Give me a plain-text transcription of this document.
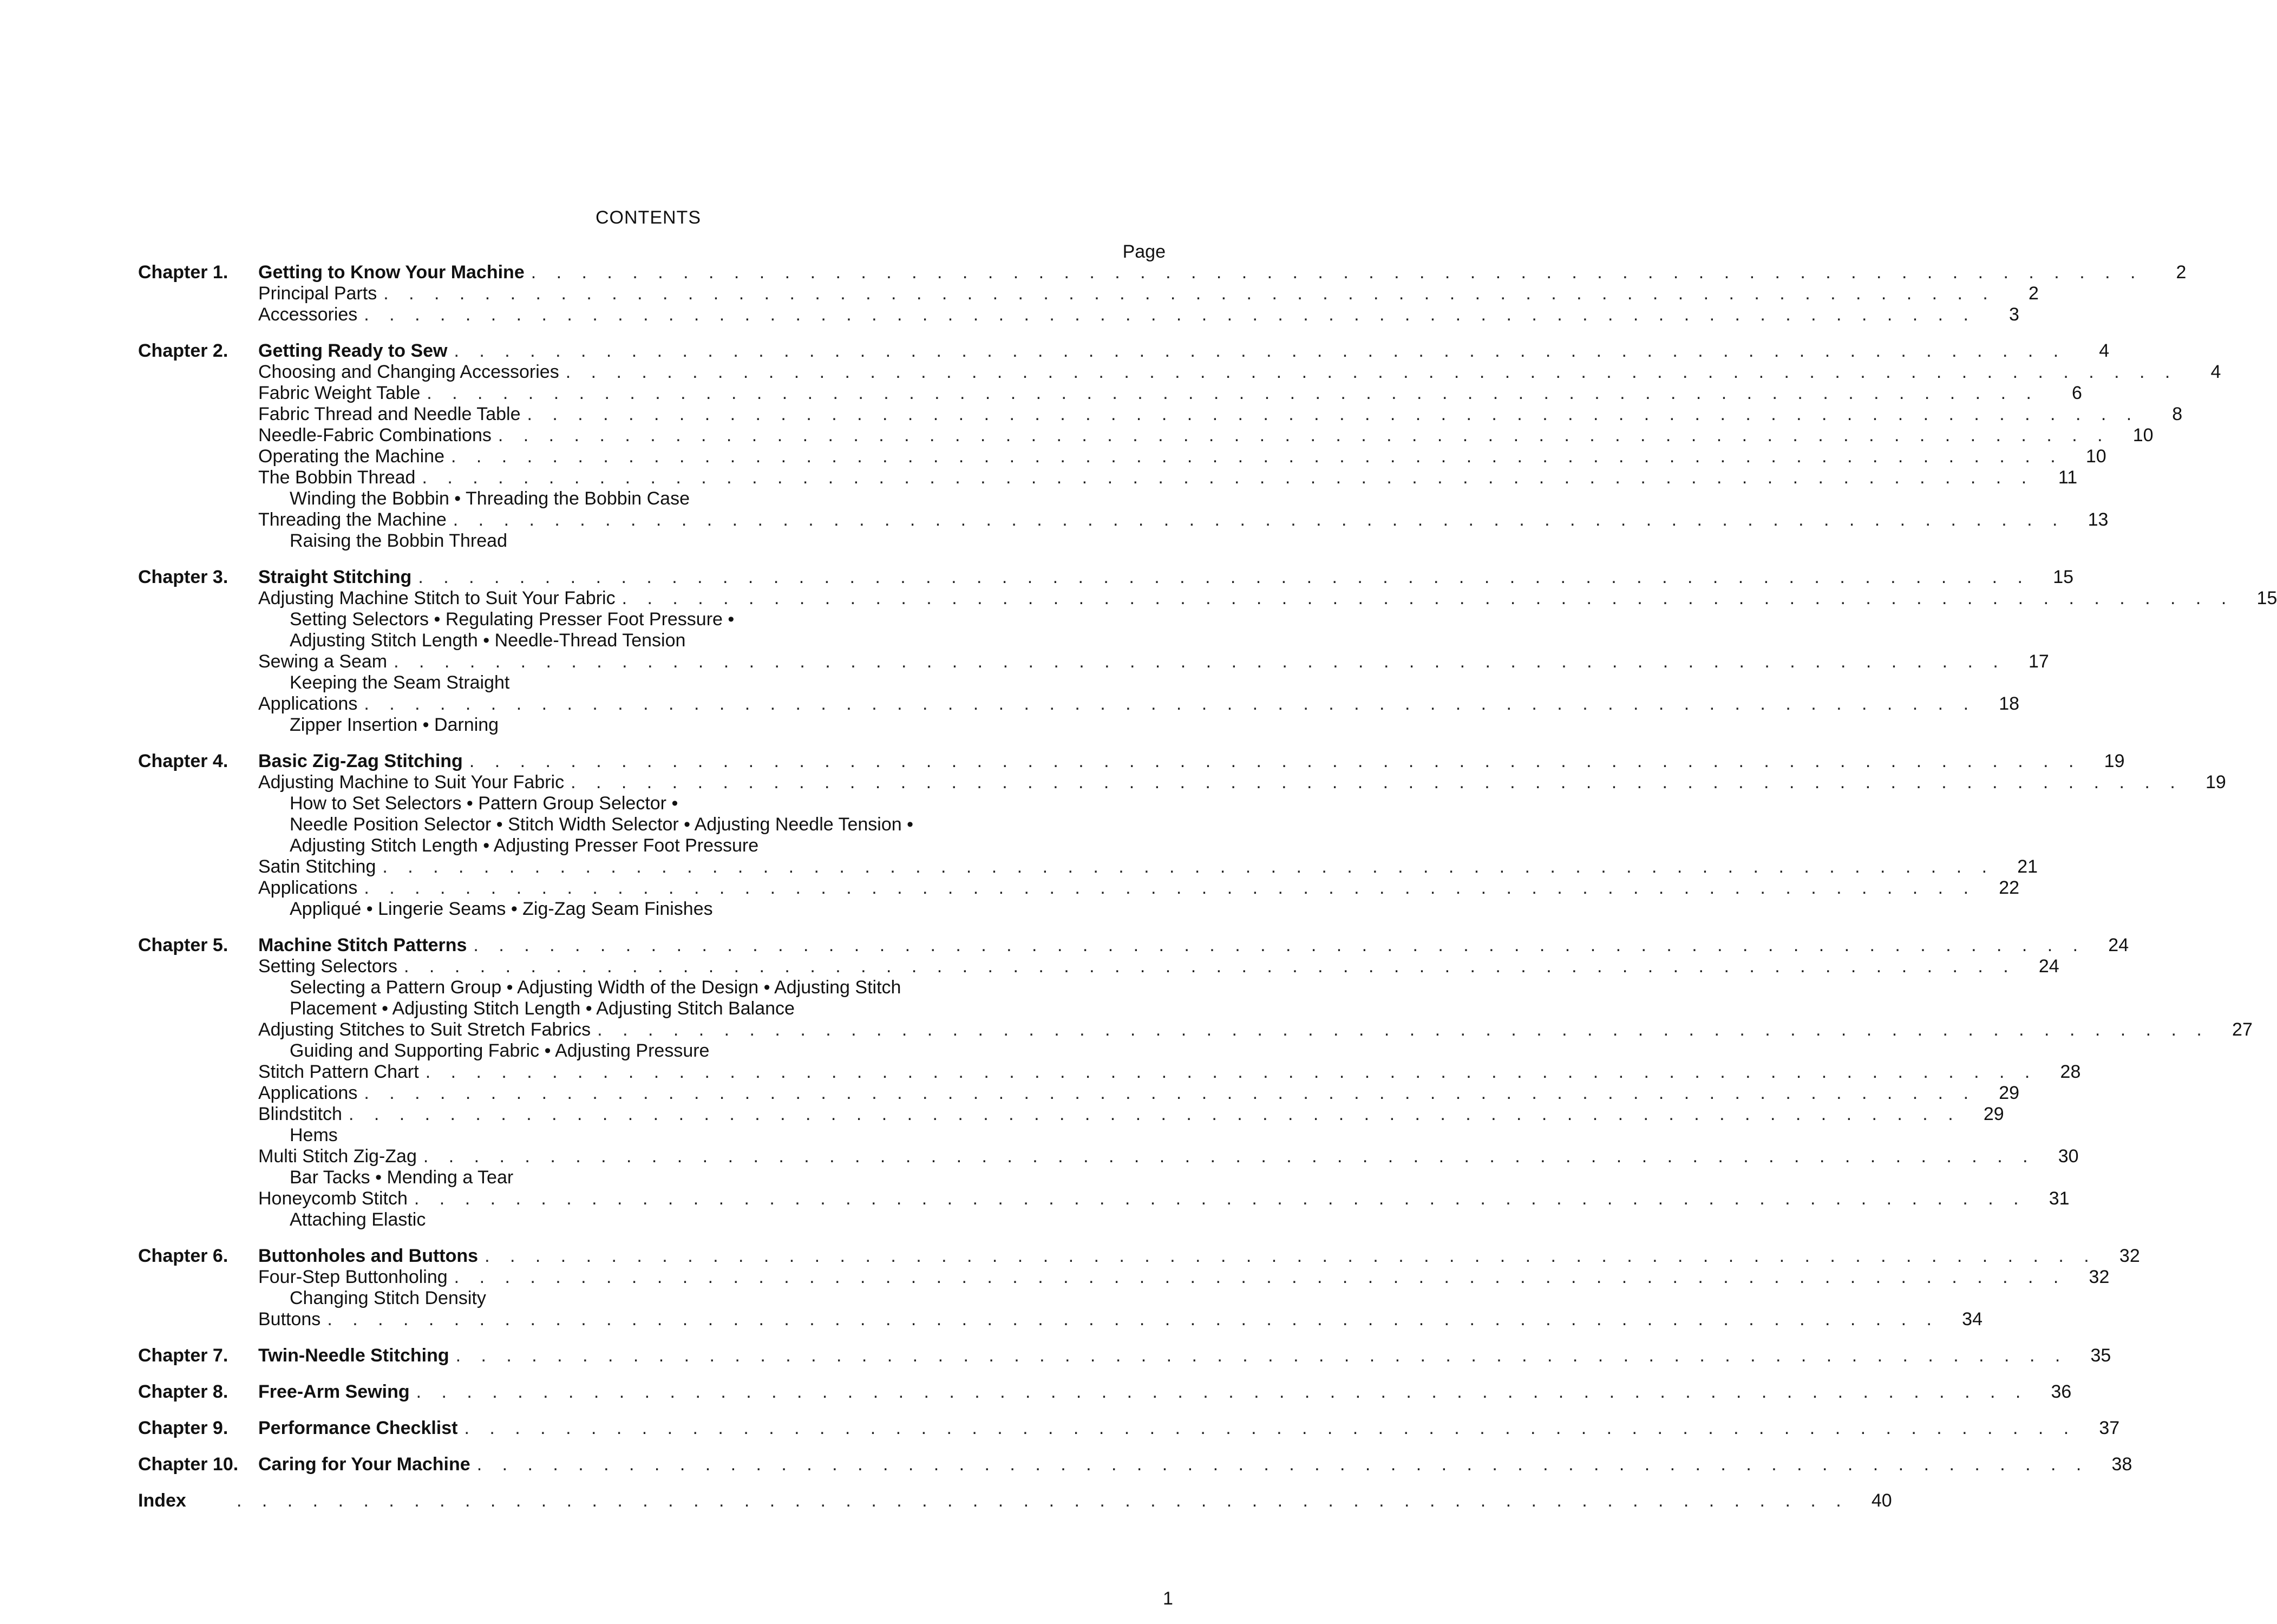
CONTENTS
Page
Chapter 1.	Getting to Know Your Machine . . . . . . . . . . . . . . . . . . . . . . . . . . . . . . . . . . . . . . . . . . . . . . . . . . . . . . . . . . . . . . . .	2
Principal Parts . . . . . . . . . . . . . . . . . . . . . . . . . . . . . . . . . . . . . . . . . . . . . . . . . . . . . . . . . . . . . . . .	2
Accessories . . . . . . . . . . . . . . . . . . . . . . . . . . . . . . . . . . . . . . . . . . . . . . . . . . . . . . . . . . . . . . . .	3
Chapter 2.	Getting Ready to Sew . . . . . . . . . . . . . . . . . . . . . . . . . . . . . . . . . . . . . . . . . . . . . . . . . . . . . . . . . . . . . . . .	4
Choosing and Changing Accessories . . . . . . . . . . . . . . . . . . . . . . . . . . . . . . . . . . . . . . . . . . . . . . . . . . . . . . . . . . . . . . . .	4
Fabric Weight Table . . . . . . . . . . . . . . . . . . . . . . . . . . . . . . . . . . . . . . . . . . . . . . . . . . . . . . . . . . . . . . . .	6
Fabric Thread and Needle Table . . . . . . . . . . . . . . . . . . . . . . . . . . . . . . . . . . . . . . . . . . . . . . . . . . . . . . . . . . . . . . . .	8
Needle-Fabric Combinations . . . . . . . . . . . . . . . . . . . . . . . . . . . . . . . . . . . . . . . . . . . . . . . . . . . . . . . . . . . . . . . .	10
Operating the Machine . . . . . . . . . . . . . . . . . . . . . . . . . . . . . . . . . . . . . . . . . . . . . . . . . . . . . . . . . . . . . . . .	10
The Bobbin Thread . . . . . . . . . . . . . . . . . . . . . . . . . . . . . . . . . . . . . . . . . . . . . . . . . . . . . . . . . . . . . . . .	11
Winding the Bobbin • Threading the Bobbin Case
Threading the Machine . . . . . . . . . . . . . . . . . . . . . . . . . . . . . . . . . . . . . . . . . . . . . . . . . . . . . . . . . . . . . . . .	13
Raising the Bobbin Thread
Chapter 3.	Straight Stitching . . . . . . . . . . . . . . . . . . . . . . . . . . . . . . . . . . . . . . . . . . . . . . . . . . . . . . . . . . . . . . . .	15
Adjusting Machine Stitch to Suit Your Fabric . . . . . . . . . . . . . . . . . . . . . . . . . . . . . . . . . . . . . . . . . . . . . . . . . . . . . . . . . . . . . . . .	15
Setting Selectors • Regulating Presser Foot Pressure •
Adjusting Stitch Length • Needle-Thread Tension
Sewing a Seam . . . . . . . . . . . . . . . . . . . . . . . . . . . . . . . . . . . . . . . . . . . . . . . . . . . . . . . . . . . . . . . .	17
Keeping the Seam Straight
Applications . . . . . . . . . . . . . . . . . . . . . . . . . . . . . . . . . . . . . . . . . . . . . . . . . . . . . . . . . . . . . . . .	18
Zipper Insertion • Darning
Chapter 4.	Basic Zig-Zag Stitching . . . . . . . . . . . . . . . . . . . . . . . . . . . . . . . . . . . . . . . . . . . . . . . . . . . . . . . . . . . . . . . .	19
Adjusting Machine to Suit Your Fabric . . . . . . . . . . . . . . . . . . . . . . . . . . . . . . . . . . . . . . . . . . . . . . . . . . . . . . . . . . . . . . . .	19
How to Set Selectors • Pattern Group Selector •
Needle Position Selector • Stitch Width Selector • Adjusting Needle Tension •
Adjusting Stitch Length • Adjusting Presser Foot Pressure
Satin Stitching . . . . . . . . . . . . . . . . . . . . . . . . . . . . . . . . . . . . . . . . . . . . . . . . . . . . . . . . . . . . . . . .	21
Applications . . . . . . . . . . . . . . . . . . . . . . . . . . . . . . . . . . . . . . . . . . . . . . . . . . . . . . . . . . . . . . . .	22
Appliqué • Lingerie Seams • Zig-Zag Seam Finishes
Chapter 5.	Machine Stitch Patterns . . . . . . . . . . . . . . . . . . . . . . . . . . . . . . . . . . . . . . . . . . . . . . . . . . . . . . . . . . . . . . . .	24
Setting Selectors . . . . . . . . . . . . . . . . . . . . . . . . . . . . . . . . . . . . . . . . . . . . . . . . . . . . . . . . . . . . . . . .	24
Selecting a Pattern Group • Adjusting Width of the Design • Adjusting Stitch
Placement • Adjusting Stitch Length • Adjusting Stitch Balance
Adjusting Stitches to Suit Stretch Fabrics . . . . . . . . . . . . . . . . . . . . . . . . . . . . . . . . . . . . . . . . . . . . . . . . . . . . . . . . . . . . . . . .	27
Guiding and Supporting Fabric • Adjusting Pressure
Stitch Pattern Chart . . . . . . . . . . . . . . . . . . . . . . . . . . . . . . . . . . . . . . . . . . . . . . . . . . . . . . . . . . . . . . . .	28
Applications . . . . . . . . . . . . . . . . . . . . . . . . . . . . . . . . . . . . . . . . . . . . . . . . . . . . . . . . . . . . . . . .	29
Blindstitch . . . . . . . . . . . . . . . . . . . . . . . . . . . . . . . . . . . . . . . . . . . . . . . . . . . . . . . . . . . . . . . .	29
Hems
Multi Stitch Zig-Zag . . . . . . . . . . . . . . . . . . . . . . . . . . . . . . . . . . . . . . . . . . . . . . . . . . . . . . . . . . . . . . . .	30
Bar Tacks • Mending a Tear
Honeycomb Stitch . . . . . . . . . . . . . . . . . . . . . . . . . . . . . . . . . . . . . . . . . . . . . . . . . . . . . . . . . . . . . . . .	31
Attaching Elastic
Chapter 6.	Buttonholes and Buttons . . . . . . . . . . . . . . . . . . . . . . . . . . . . . . . . . . . . . . . . . . . . . . . . . . . . . . . . . . . . . . . .	32
Four-Step Buttonholing . . . . . . . . . . . . . . . . . . . . . . . . . . . . . . . . . . . . . . . . . . . . . . . . . . . . . . . . . . . . . . . .	32
Changing Stitch Density
Buttons . . . . . . . . . . . . . . . . . . . . . . . . . . . . . . . . . . . . . . . . . . . . . . . . . . . . . . . . . . . . . . . .	34
Chapter 7.	Twin-Needle Stitching . . . . . . . . . . . . . . . . . . . . . . . . . . . . . . . . . . . . . . . . . . . . . . . . . . . . . . . . . . . . . . . .	35
Chapter 8.	Free-Arm Sewing . . . . . . . . . . . . . . . . . . . . . . . . . . . . . . . . . . . . . . . . . . . . . . . . . . . . . . . . . . . . . . . .	36
Chapter 9.	Performance Checklist . . . . . . . . . . . . . . . . . . . . . . . . . . . . . . . . . . . . . . . . . . . . . . . . . . . . . . . . . . . . . . . .	37
Chapter 10.	Caring for Your Machine . . . . . . . . . . . . . . . . . . . . . . . . . . . . . . . . . . . . . . . . . . . . . . . . . . . . . . . . . . . . . . . .	38
Index	. . . . . . . . . . . . . . . . . . . . . . . . . . . . . . . . . . . . . . . . . . . . . . . . . . . . . . . . . . . . . . . .	40
1
